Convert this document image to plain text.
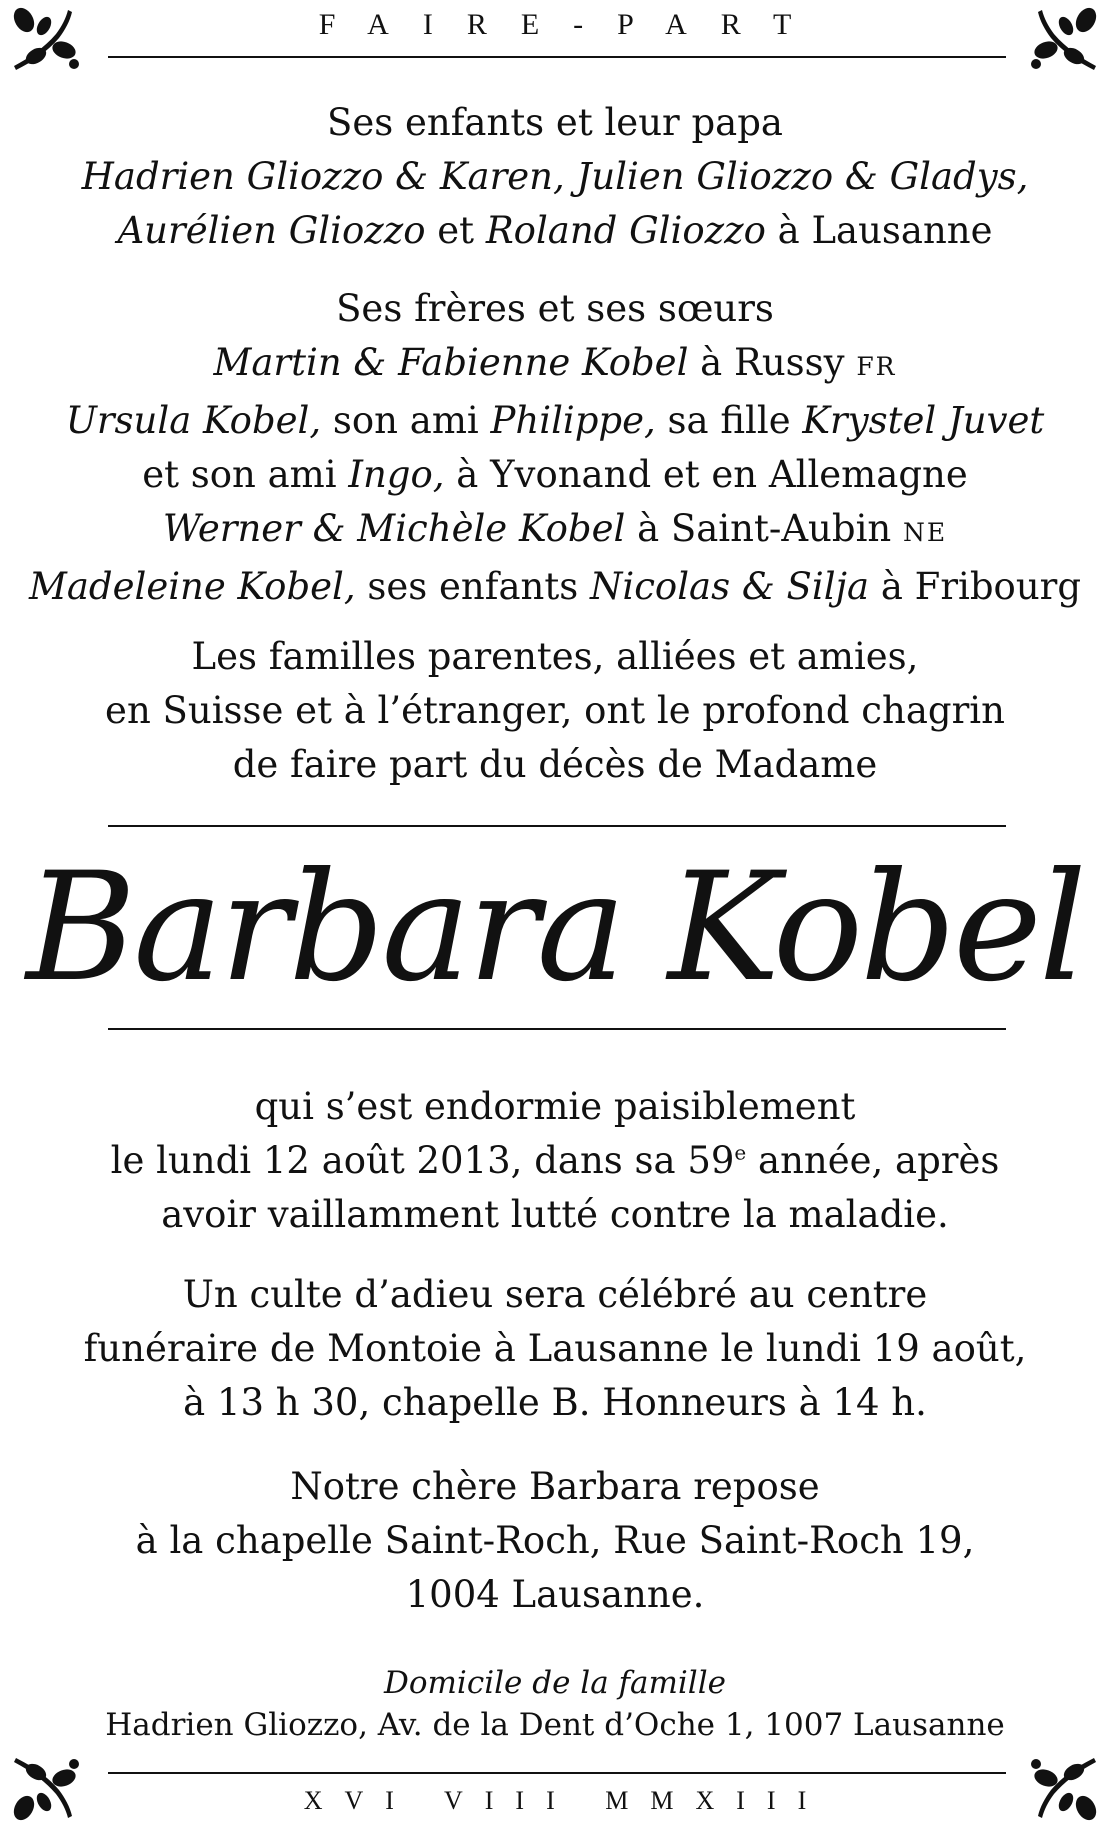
FAIRE-PART
Ses enfants et leur papa
Hadrien Gliozzo & Karen, Julien Gliozzo & Gladys,
Aurélien Gliozzo et Roland Gliozzo à Lausanne
Ses frères et ses sœurs
Martin & Fabienne Kobel à Russy FR
Ursula Kobel, son ami Philippe, sa fille Krystel Juvet
et son ami Ingo, à Yvonand et en Allemagne
Werner & Michèle Kobel à Saint-Aubin NE
Madeleine Kobel, ses enfants Nicolas & Silja à Fribourg
Les familles parentes, alliées et amies,
en Suisse et à l’étranger, ont le profond chagrin
de faire part du décès de Madame
Barbara Kobel
qui s’est endormie paisiblement
le lundi 12 août 2013, dans sa 59e année, après
avoir vaillamment lutté contre la maladie.
Un culte d’adieu sera célébré au centre
funéraire de Montoie à Lausanne le lundi 19 août,
à 13 h 30, chapelle B. Honneurs à 14 h.
Notre chère Barbara repose
à la chapelle Saint-Roch, Rue Saint-Roch 19,
1004 Lausanne.
Domicile de la famille
Hadrien Gliozzo, Av. de la Dent d’Oche 1, 1007 Lausanne
XVI VIII MMXIII
